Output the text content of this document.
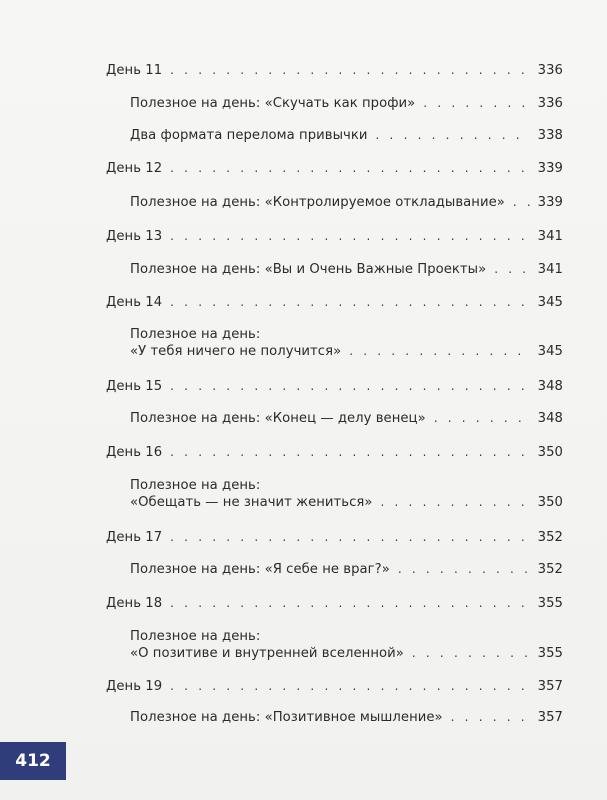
День 11 . . .	336
Полезное на день: «Скучать как профи» . . .	336
Два формата перелома привычки . . .	338
День 12 . . .	339
Полезное на день: «Контролируемое откладывание» . . . 339
День 13 . . .	341
Полезное на день: «Вы и Очень Важные Проекты» . . .	341
День 14 . . .	345
Полезное на день:
«У тебя ничего не получится» . . .	345
День 15 . . .	348
Полезное на день: «Конец — делу венец» . . .	348
День 16 . . .	350
Полезное на день:
«Обещать — не значит жениться» . . .	350
День 17 . . .	352
Полезное на день: «Я себе не враг?» . . .	352
День 18 . . .	355
Полезное на день:
«О позитиве и внутренней вселенной» . . .	355
День 19 . . .	357
Полезное на день: «Позитивное мышление» . . .	357
412
